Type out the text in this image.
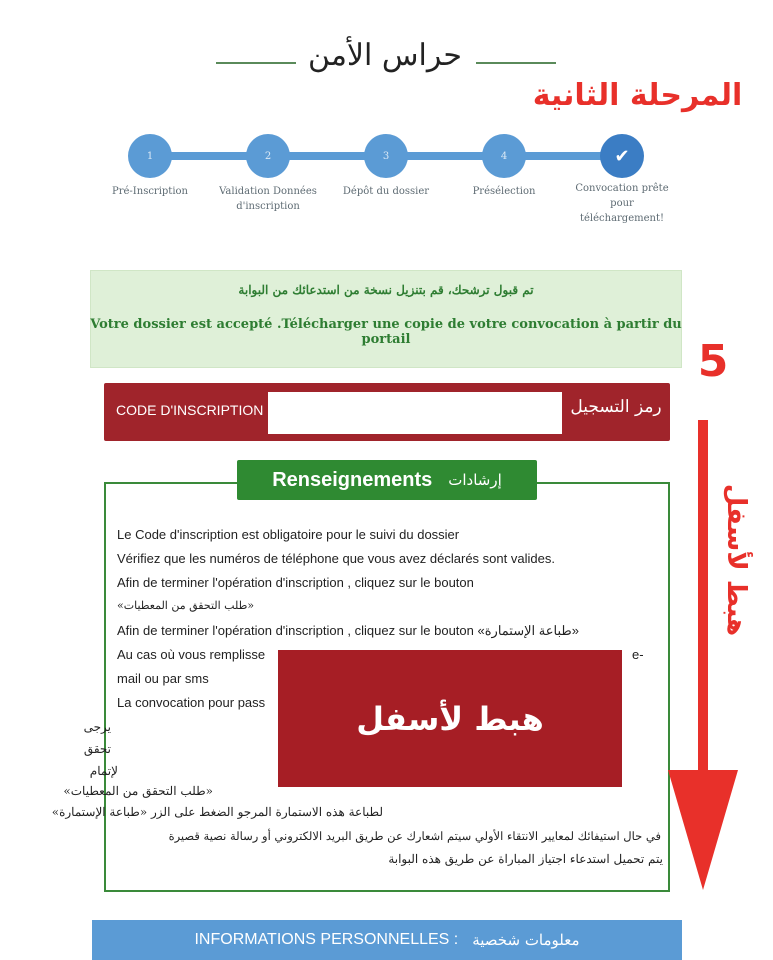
حراس الأمن
المرحلة الثانية
1
Pré-Inscription
2
Validation Données
d'inscription
3
Dépôt du dossier
4
Présélection
✔
Convocation prête pour
téléchargement!
تم قبول ترشحك، قم بتنزيل نسخة من استدعائك من البوابة
Votre dossier est accepté .Télécharger une copie de votre convocation à partir du portail
CODE D'INSCRIPTION	رمز التسجيل
Renseignements إرشادات
Le Code d'inscription est obligatoire pour le suivi du dossier
Vérifiez que les numéros de téléphone que vous avez déclarés sont valides.
Afin de terminer l'opération d'inscription , cliquez sur le bouton
«طلب التحقق من المعطيات»
Afin de terminer l'opération d'inscription , cliquez sur le bouton «طباعة الإستمارة»
Au cas où vous remplisse	e-
mail ou par sms
La convocation pour pass
يرجى
تحقق
لإتمام
«طلب التحقق من المعطيات»
لطباعة هذه الاستمارة المرجو الضغط على الزر «طباعة الإستمارة»
في حال استيفائك لمعايير الانتقاء الأولي سيتم اشعارك عن طريق البريد الالكتروني أو رسالة نصية قصيرة
يتم تحميل استدعاء اجتياز المباراة عن طريق هذه البوابة
هبط لأسفل
5
هبط لأسفل
INFORMATIONS PERSONNELLES : معلومات شخصية
